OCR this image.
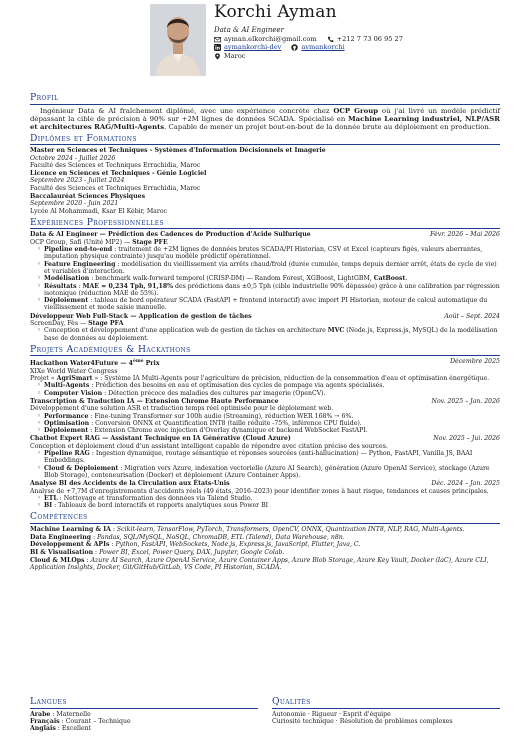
Korchi Ayman
Data & AI Engineer
ayman.elkorchi@gmail.com	+212 7 73 06 95 27
aymankorchi-dev	aymankorchi
Maroc
Profil
Ingénieur Data & AI fraîchement diplômé, avec une expérience concrète chez OCP Group où j'ai livré un modèle prédictif dépassant la cible de précision à 90% sur +2M lignes de données SCADA. Spécialisé en Machine Learning industriel, NLP/ASR et architectures RAG/Multi-Agents. Capable de mener un projet bout-en-bout de la donnée brute au déploiement en production.
Diplômes et Formations
Master en Sciences et Techniques - Systèmes d'Information Décisionnels et Imagerie
Octobre 2024 - Juillet 2026
Faculté des Sciences et Techniques Errachidia, Maroc
Licence en Sciences et Techniques - Génie Logiciel
Septembre 2023 - Juillet 2024
Faculté des Sciences et Techniques Errachidia, Maroc
Baccalauréat Sciences Physiques
Septembre 2020 - Juin 2021
Lycée Al Mohammadi, Ksar El Kébir, Maroc
Expériences Professionnelles
Data & AI Engineer — Prédiction des Cadences de Production d'Acide Sulfurique	Févr. 2026 – Mai 2026
OCP Group, Safi (Unité MP2) — Stage PFE
◦ Pipeline end-to-end : traitement de +2M lignes de données brutes SCADA/PI Historian, CSV et Excel (capteurs figés, valeurs aberrantes, imputation physique contrainte) jusqu'au modèle prédictif opérationnel.
◦ Feature Engineering : modélisation du vieillissement via arrêts chaud/froid (durée cumulée, temps depuis dernier arrêt, états de cycle de vie) et variables d'interaction.
◦ Modélisation : benchmark walk-forward temporel (CRISP-DM) — Random Forest, XGBoost, LightGBM, CatBoost.
◦ Résultats : MAE = 0,234 Tph, 91,18% des prédictions dans ±0,5 Tph (cible industrielle 90% dépassée) grâce à une calibration par régression isotonique (réduction MAE de 55%).
◦ Déploiement : tableau de bord opérateur SCADA (FastAPI + frontend interactif) avec import PI Historian, moteur de calcul automatique du vieillissement et mode saisie manuelle.
Développeur Web Full-Stack — Application de gestion de tâches	Août – Sept. 2024
ScreenDay, Fès — Stage PFA
◦ Conception et développement d'une application web de gestion de tâches en architecture MVC (Node.js, Express.js, MySQL) de la modélisation base de données au déploiement.
Projets Académiques & Hackathons
Hackathon Water4Future — 4ème Prix	Décembre 2025
XIXe World Water Congress
Projet « AgriSmart » : Système IA Multi-Agents pour l'agriculture de précision, réduction de la consommation d'eau et optimisation énergétique.
◦ Multi-Agents : Prédiction des besoins en eau et optimisation des cycles de pompage via agents spécialisés.
◦ Computer Vision : Détection précoce des maladies des cultures par imagerie (OpenCV).
Transcription & Traduction IA — Extension Chrome Haute Performance	Nov. 2025 – Jan. 2026
Développement d'une solution ASR et traduction temps réel optimisée pour le déploiement web.
◦ Performance : Fine-tuning Transformer sur 100h audio (Streaming), réduction WER 168% → 6%.
◦ Optimisation : Conversion ONNX et Quantification INT8 (taille réduite -75%, inférence CPU fluide).
◦ Déploiement : Extension Chrome avec injection d'Overlay dynamique et backend WebSocket FastAPI.
Chatbot Expert RAG — Assistant Technique en IA Générative (Cloud Azure)	Nov. 2025 – Jui. 2026
Conception et déploiement cloud d'un assistant intelligent capable de répondre avec citation précise des sources.
◦ Pipeline RAG : Ingestion dynamique, routage sémantique et réponses sourcées (anti-hallucination) — Python, FastAPI, Vanilla JS, BAAI Embeddings.
◦ Cloud & Déploiement : Migration vers Azure, indexation vectorielle (Azure AI Search), génération (Azure OpenAI Service), stockage (Azure Blob Storage), conteneurisation (Docker) et déploiement (Azure Container Apps).
Analyse BI des Accidents de la Circulation aux États-Unis	Déc. 2024 – Jan. 2025
Analyse de +7,7M d'enregistrements d'accidents réels (49 états, 2016–2023) pour identifier zones à haut risque, tendances et causes principales.
◦ ETL : Nettoyage et transformation des données via Talend Studio.
◦ BI : Tableaux de bord interactifs et rapports analytiques sous Power BI
Compétences
Machine Learning & IA : Scikit-learn, TensorFlow, PyTorch, Transformers, OpenCV, ONNX, Quantization INT8, NLP, RAG, Multi-Agents.
Data Engineering : Pandas, SQL/MySQL, NoSQL, ChromaDB, ETL (Talend), Data Warehouse, n8n.
Développement & APIs : Python, FastAPI, WebSockets, Node.js, Express.js, JavaScript, Flutter, Java, C.
BI & Visualisation : Power BI, Excel, Power Query, DAX, Jupyter, Google Colab.
Cloud & MLOps : Azure AI Search, Azure OpenAI Service, Azure Container Apps, Azure Blob Storage, Azure Key Vault, Docker (IaC), Azure CLI, Application Insights, Docker, Git/GitHub/GitLab, VS Code, PI Historian, SCADA.
Langues
Arabe : Maternelle
Français : Courant – Technique
Anglais : Excellent
Qualités
Autonomie · Rigueur · Esprit d'équipe
Curiosité technique · Résolution de problèmes complexes
